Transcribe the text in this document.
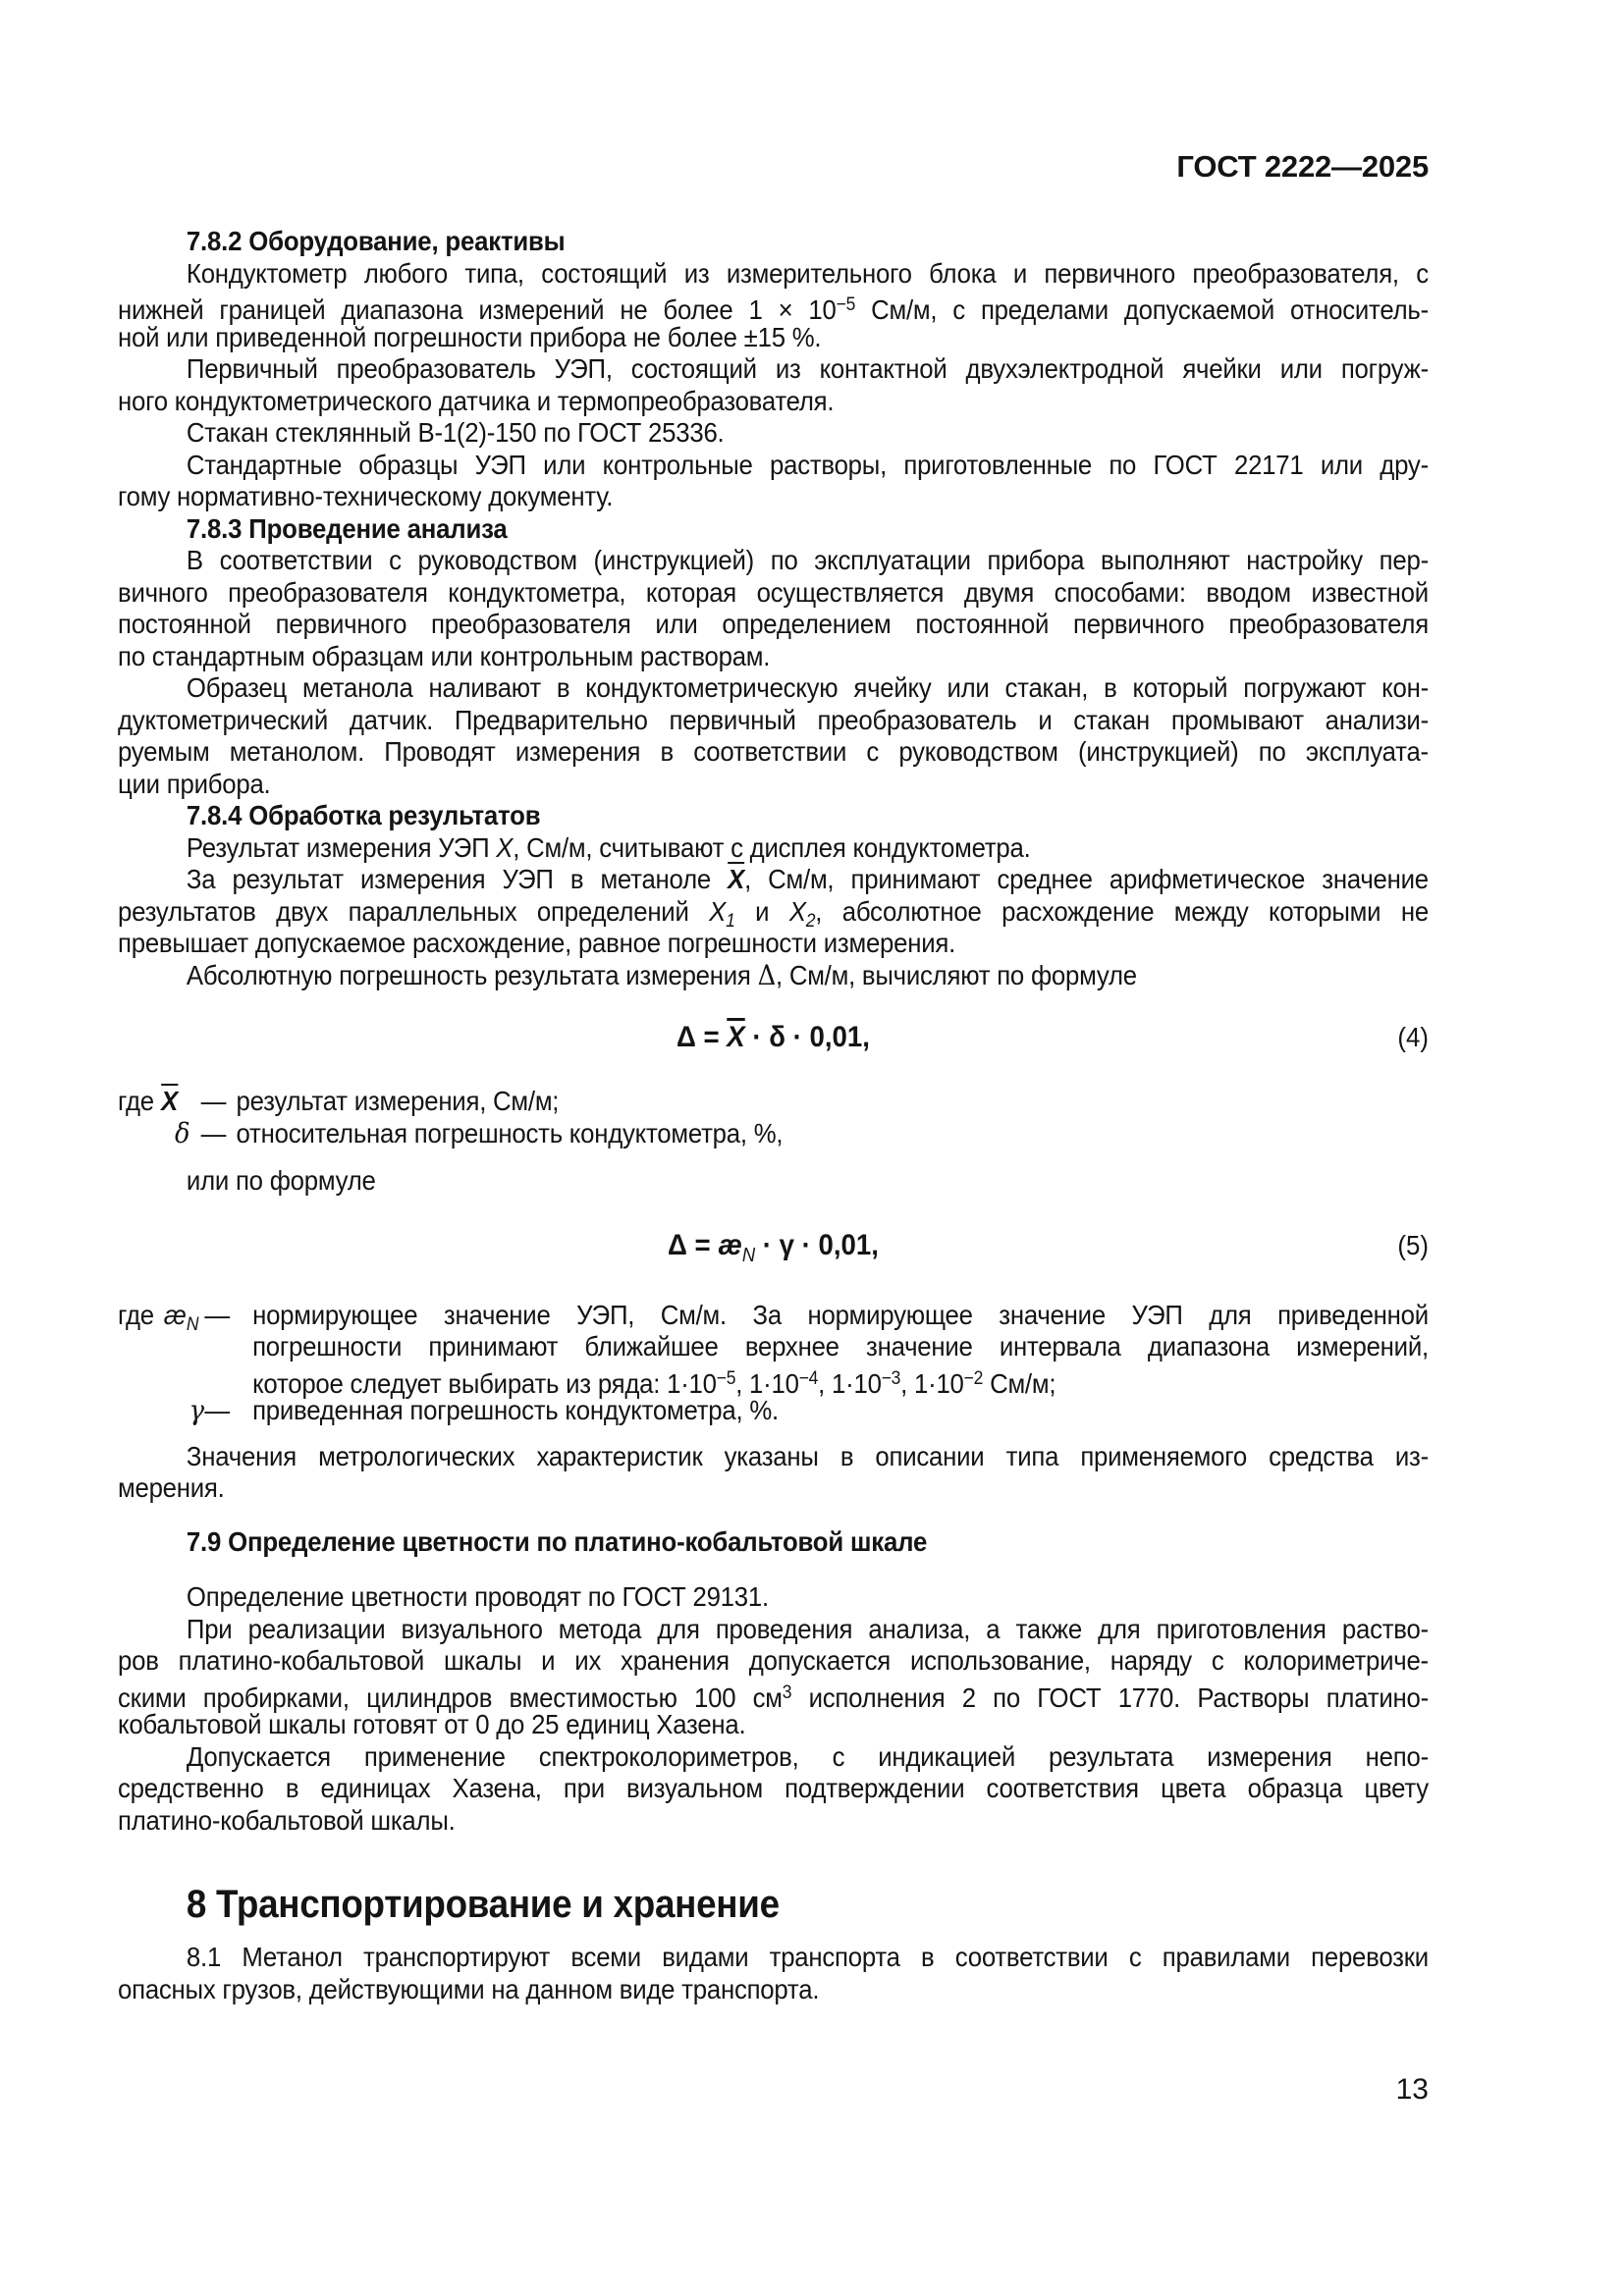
ГОСТ 2222—2025
7.8.2 Оборудование, реактивы
Кондуктометр любого типа, состоящий из измерительного блока и первичного преобразователя, с
нижней границей диапазона измерений не более $1 \times 10^{-5}$ См/м, с пределами допускаемой относитель-
ной или приведенной погрешности прибора не более ±15 %.
Первичный преобразователь УЭП, состоящий из контактной двухэлектродной ячейки или погруж-
ного кондуктометрического датчика и термопреобразователя.
Стакан стеклянный В-1(2)-150 по ГОСТ 25336.
Стандартные образцы УЭП или контрольные растворы, приготовленные по ГОСТ 22171 или дру-
гому нормативно-техническому документу.
7.8.3 Проведение анализа
В соответствии с руководством (инструкцией) по эксплуатации прибора выполняют настройку пер-
вичного преобразователя кондуктометра, которая осуществляется двумя способами: вводом известной
постоянной первичного преобразователя или определением постоянной первичного преобразователя
по стандартным образцам или контрольным растворам.
Образец метанола наливают в кондуктометрическую ячейку или стакан, в который погружают кон-
дуктометрический датчик. Предварительно первичный преобразователь и стакан промывают анализи-
руемым метанолом. Проводят измерения в соответствии с руководством (инструкцией) по эксплуата-
ции прибора.
7.8.4 Обработка результатов
Результат измерения УЭП X, См/м, считывают с дисплея кондуктометра.
За результат измерения УЭП в метаноле $\overline{X}$, См/м, принимают среднее арифметическое значение
результатов двух параллельных определений $X_1$ и $X_2$, абсолютное расхождение между которыми не
превышает допускаемое расхождение, равное погрешности измерения.
Абсолютную погрешность результата измерения Δ, См/м, вычисляют по формуле
$\Delta = \overline{X} \cdot \delta \cdot 0,01$,	(4)
где $\overline{X}$ — результат измерения, См/м;
δ — относительная погрешность кондуктометра, %,
или по формуле
$\Delta = æ_N \cdot \gamma \cdot 0,01$,	(5)
где $æ_N$ — нормирующее значение УЭП, См/м. За нормирующее значение УЭП для приведенной
погрешности принимают ближайшее верхнее значение интервала диапазона измерений,
которое следует выбирать из ряда: $1\cdot 10^{-5}$, $1\cdot 10^{-4}$, $1\cdot 10^{-3}$, $1\cdot 10^{-2}$ См/м;
γ — приведенная погрешность кондуктометра, %.
Значения метрологических характеристик указаны в описании типа применяемого средства из-
мерения.
7.9 Определение цветности по платино-кобальтовой шкале
Определение цветности проводят по ГОСТ 29131.
При реализации визуального метода для проведения анализа, а также для приготовления раство-
ров платино-кобальтовой шкалы и их хранения допускается использование, наряду с колориметриче-
скими пробирками, цилиндров вместимостью 100 $см^3$ исполнения 2 по ГОСТ 1770. Растворы платино-
кобальтовой шкалы готовят от 0 до 25 единиц Хазена.
Допускается применение спектроколориметров, с индикацией результата измерения непо-
средственно в единицах Хазена, при визуальном подтверждении соответствия цвета образца цвету
платино-кобальтовой шкалы.
8 Транспортирование и хранение
8.1 Метанол транспортируют всеми видами транспорта в соответствии с правилами перевозки
опасных грузов, действующими на данном виде транспорта.
13
